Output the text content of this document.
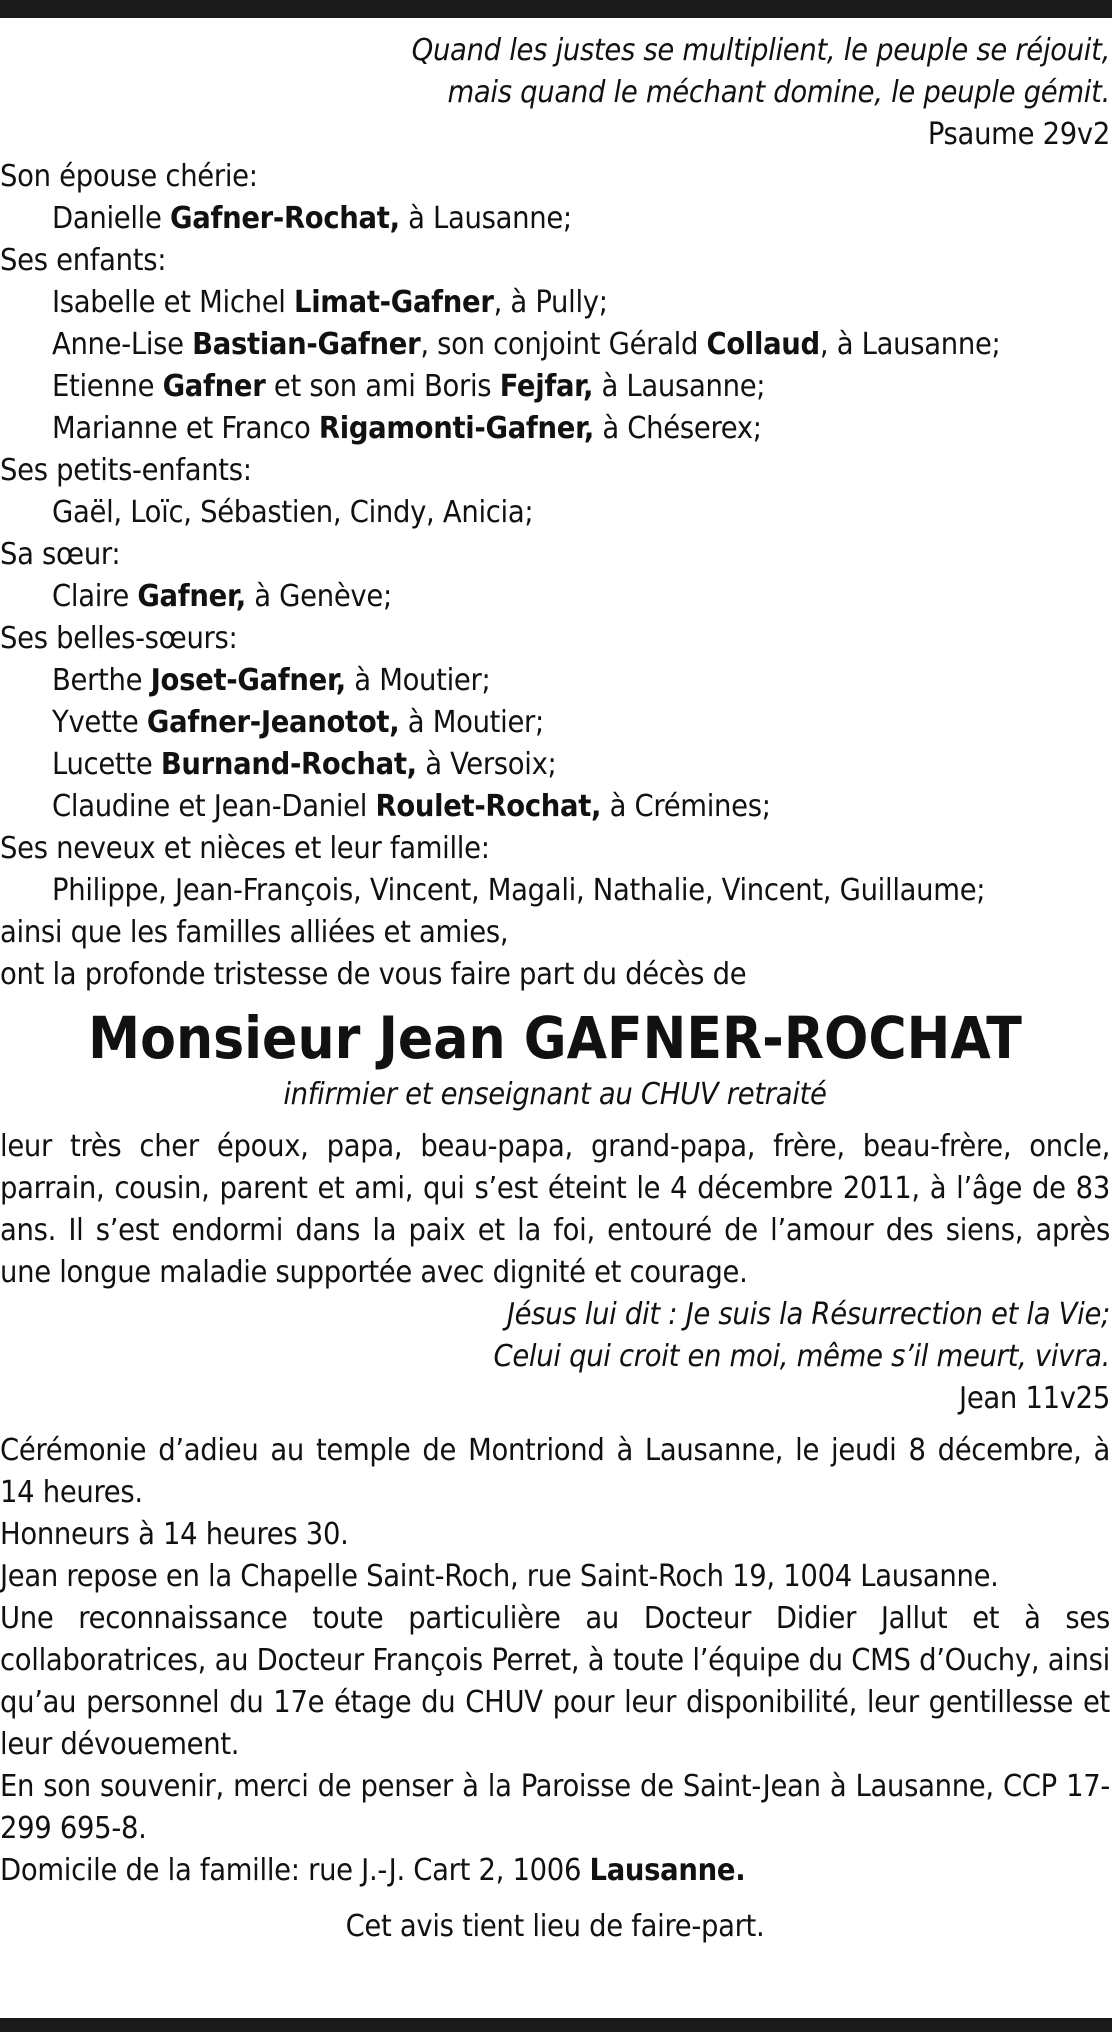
Quand les justes se multiplient, le peuple se réjouit,
mais quand le méchant domine, le peuple gémit.
Psaume 29v2
Son épouse chérie:
Danielle Gafner-Rochat, à Lausanne;
Ses enfants:
Isabelle et Michel Limat-Gafner, à Pully;
Anne-Lise Bastian-Gafner, son conjoint Gérald Collaud, à Lausanne;
Etienne Gafner et son ami Boris Fejfar, à Lausanne;
Marianne et Franco Rigamonti-Gafner, à Chéserex;
Ses petits-enfants:
Gaël, Loïc, Sébastien, Cindy, Anicia;
Sa sœur:
Claire Gafner, à Genève;
Ses belles-sœurs:
Berthe Joset-Gafner, à Moutier;
Yvette Gafner-Jeanotot, à Moutier;
Lucette Burnand-Rochat, à Versoix;
Claudine et Jean-Daniel Roulet-Rochat, à Crémines;
Ses neveux et nièces et leur famille:
Philippe, Jean-François, Vincent, Magali, Nathalie, Vincent, Guillaume;
ainsi que les familles alliées et amies,
ont la profonde tristesse de vous faire part du décès de
Monsieur Jean GAFNER-ROCHAT
infirmier et enseignant au CHUV retraité
leur très cher époux, papa, beau-papa, grand-papa, frère, beau-frère, oncle, parrain, cousin, parent et ami, qui s’est éteint le 4 décembre 2011, à l’âge de 83 ans. Il s’est endormi dans la paix et la foi, entouré de l’amour des siens, après une longue maladie supportée avec dignité et courage.
Jésus lui dit : Je suis la Résurrection et la Vie;
Celui qui croit en moi, même s’il meurt, vivra.
Jean 11v25
Cérémonie d’adieu au temple de Montriond à Lausanne, le jeudi 8 décembre, à 14 heures.
Honneurs à 14 heures 30.
Jean repose en la Chapelle Saint-Roch, rue Saint-Roch 19, 1004 Lausanne.
Une reconnaissance toute particulière au Docteur Didier Jallut et à ses collaboratrices, au Docteur François Perret, à toute l’équipe du CMS d’Ouchy, ainsi qu’au personnel du 17e étage du CHUV pour leur disponibilité, leur gentillesse et leur dévouement.
En son souvenir, merci de penser à la Paroisse de Saint-Jean à Lausanne, CCP 17-299 695-8.
Domicile de la famille: rue J.-J. Cart 2, 1006 Lausanne.
Cet avis tient lieu de faire-part.
